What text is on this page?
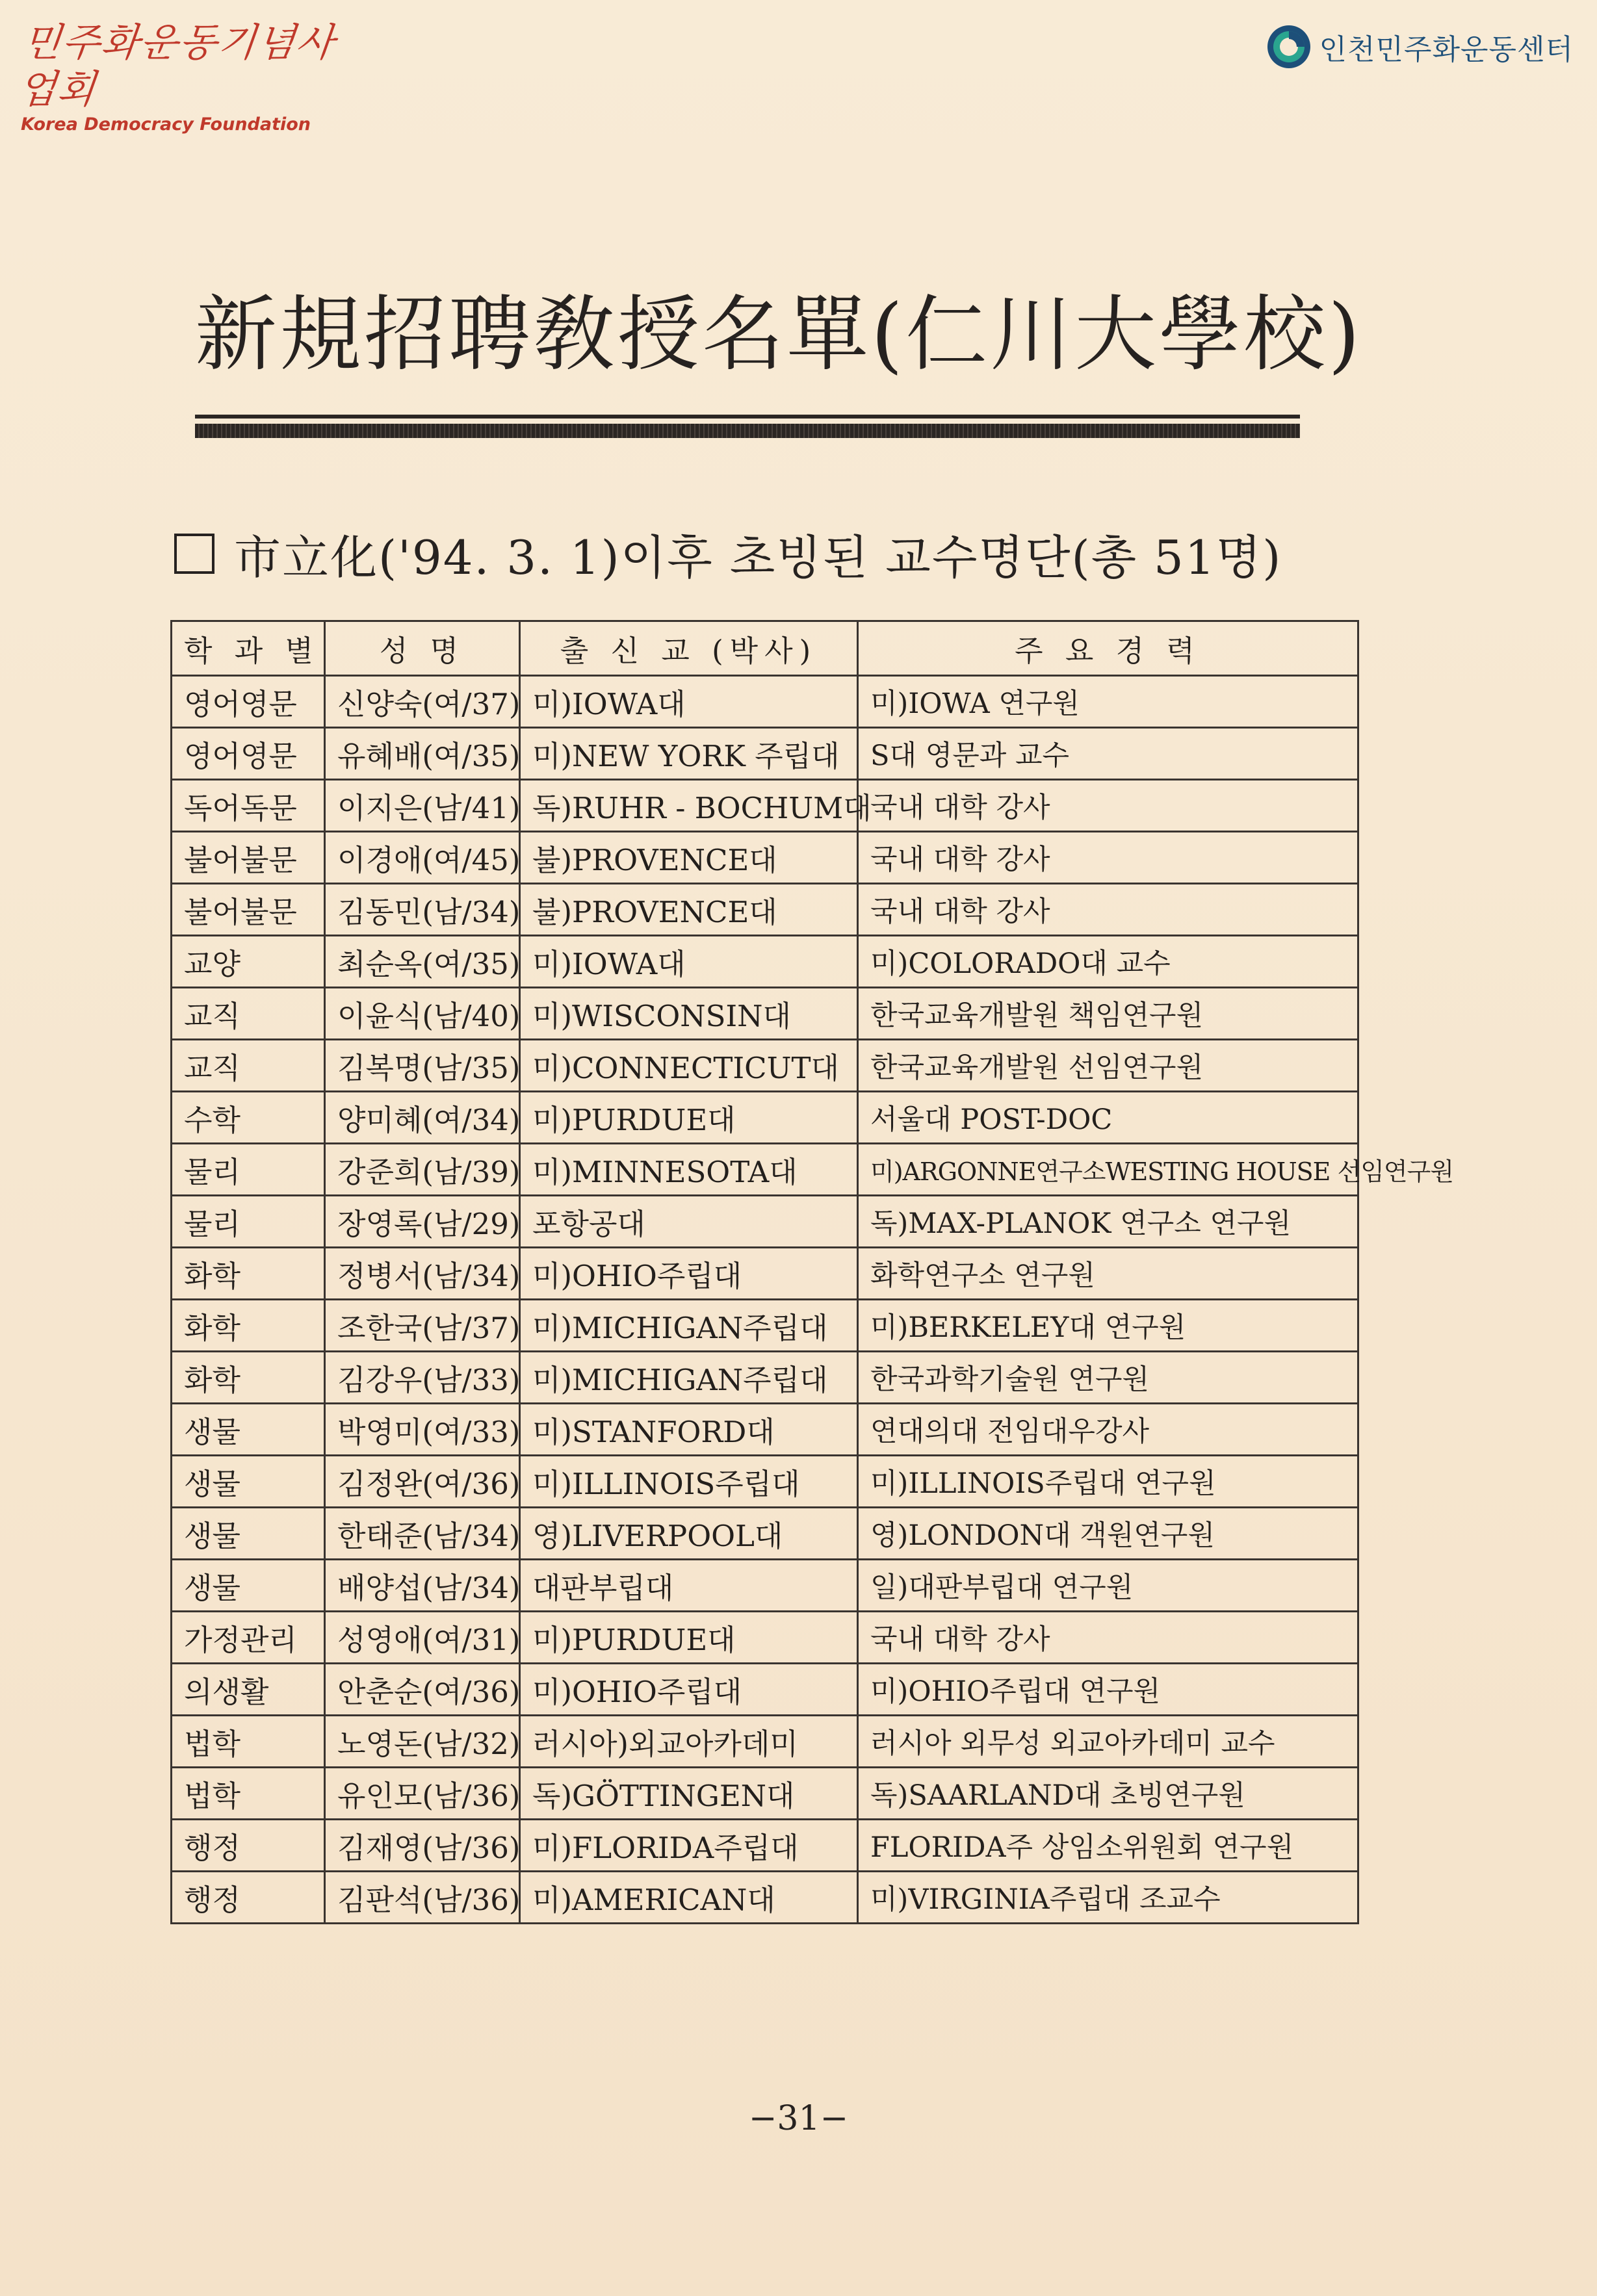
민주화운동기념사업회
Korea Democracy Foundation
인천민주화운동센터
新規招聘敎授名單(仁川大學校)
市立化('94. 3. 1)이후 초빙된 교수명단(총 51명)
학 과 별	성 명	출 신 교 (박사)	주 요 경 력
영어영문	신양숙(여/37)	미)IOWA대	미)IOWA 연구원
영어영문	유혜배(여/35)	미)NEW YORK 주립대	S대 영문과 교수
독어독문	이지은(남/41)	독)RUHR - BOCHUM대	국내 대학 강사
불어불문	이경애(여/45)	불)PROVENCE대	국내 대학 강사
불어불문	김동민(남/34)	불)PROVENCE대	국내 대학 강사
교양	최순옥(여/35)	미)IOWA대	미)COLORADO대 교수
교직	이윤식(남/40)	미)WISCONSIN대	한국교육개발원 책임연구원
교직	김복명(남/35)	미)CONNECTICUT대	한국교육개발원 선임연구원
수학	양미혜(여/34)	미)PURDUE대	서울대 POST-DOC
물리	강준희(남/39)	미)MINNESOTA대	미)ARGONNE연구소WESTING HOUSE 선임연구원
물리	장영록(남/29)	포항공대	독)MAX-PLANOK 연구소 연구원
화학	정병서(남/34)	미)OHIO주립대	화학연구소 연구원
화학	조한국(남/37)	미)MICHIGAN주립대	미)BERKELEY대 연구원
화학	김강우(남/33)	미)MICHIGAN주립대	한국과학기술원 연구원
생물	박영미(여/33)	미)STANFORD대	연대의대 전임대우강사
생물	김정완(여/36)	미)ILLINOIS주립대	미)ILLINOIS주립대 연구원
생물	한태준(남/34)	영)LIVERPOOL대	영)LONDON대 객원연구원
생물	배양섭(남/34)	대판부립대	일)대판부립대 연구원
가정관리	성영애(여/31)	미)PURDUE대	국내 대학 강사
의생활	안춘순(여/36)	미)OHIO주립대	미)OHIO주립대 연구원
법학	노영돈(남/32)	러시아)외교아카데미	러시아 외무성 외교아카데미 교수
법학	유인모(남/36)	독)GÖTTINGEN대	독)SAARLAND대 초빙연구원
행정	김재영(남/36)	미)FLORIDA주립대	FLORIDA주 상임소위원회 연구원
행정	김판석(남/36)	미)AMERICAN대	미)VIRGINIA주립대 조교수
−31−
